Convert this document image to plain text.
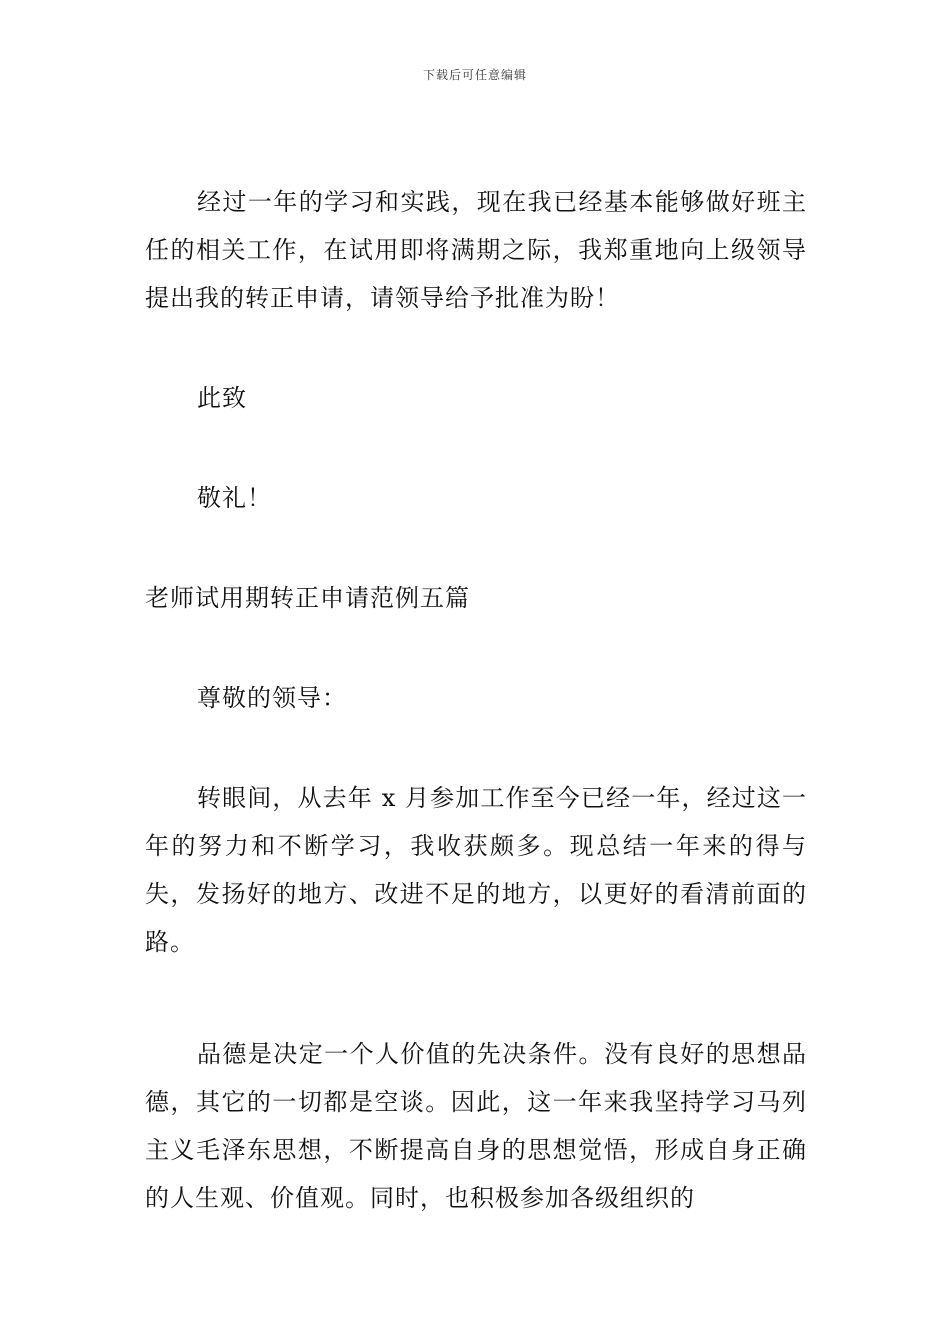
下载后可任意编辑

经过一年的学习和实践，现在我已经基本能够做好班主任的相关工作，在试用即将满期之际，我郑重地向上级领导提出我的转正申请，请领导给予批准为盼！

此致

敬礼！

老师试用期转正申请范例五篇

尊敬的领导：

转眼间，从去年 x 月参加工作至今已经一年，经过这一年的努力和不断学习，我收获颇多。现总结一年来的得与失，发扬好的地方、改进不足的地方，以更好的看清前面的路。

品德是决定一个人价值的先决条件。没有良好的思想品德，其它的一切都是空谈。因此，这一年来我坚持学习马列主义毛泽东思想，不断提高自身的思想觉悟，形成自身正确的人生观、价值观。同时，也积极参加各级组织的
